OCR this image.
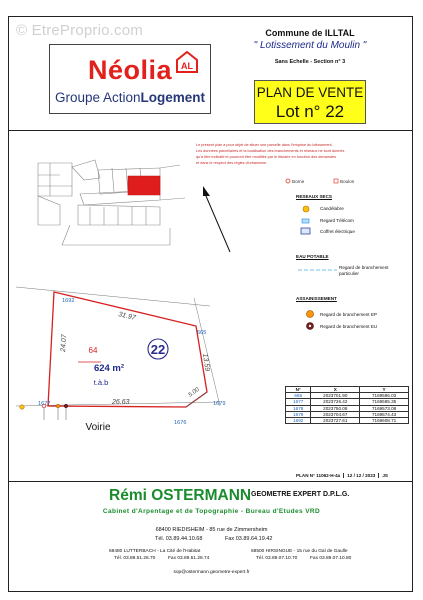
© EtreProprio.com
Néolia AL
Groupe ActionLogement
Commune de ILLTAL
" Lotissement du Moulin "
Sans Echelle - Section n° 3
PLAN DE VENTE
Lot n° 22
Le présent plan a pour objet de situer une parcelle dans l'emprise du lotissement.
Les données parcellaires et la localisation des branchements et réseaux ne sont donnés
qu'à titre indicatif et pourront être modifiés par le titulaire en fonction des demandes
et dans le respect des règles d'urbanisme.
22
1692
665
1677
1676
1679
31.97
24.07
13.59
26.63
5.00
64
624 m²
t.à.b
Voirie
Borne	Boulon
RESEAUX SECS
Candélabre
Regard Télécom
Coffret électrique
EAU POTABLE
Regard de branchement
particulier
ASSAINISSEMENT
Regard de branchement EP
Regard de branchement EU
N°	X	Y
665	2023701.90	7169586.03
1677	2023726.42	7169585.35
1678	2023750.08	7169573.08
1679	2023704.67	7169574.43
1692	2023727.61	7169608.71
PLAN N° 11062-H-4a 12 / 12 / 2023 JS
Rémi OSTERMANN GEOMETRE EXPERT D.P.L.G.
Cabinet d'Arpentage et de Topographie - Bureau d'Etudes VRD
68400 RIEDISHEIM - 85 rue de Zimmersheim
Tél. 03.89.44.10.68	Fax 03.89.64.19.42
68480 LUTTERBACH - La Cité de l'Habitat
Tél. 03.89.51.26.70	Fax 03.89.51.28.74
68500 HIRSINGUE - 15 rue du Gal de Gaulle
Tél. 03.89.07.10.70	Fax 03.89.07.10.80
sop@ostermann.geometre-expert.fr
